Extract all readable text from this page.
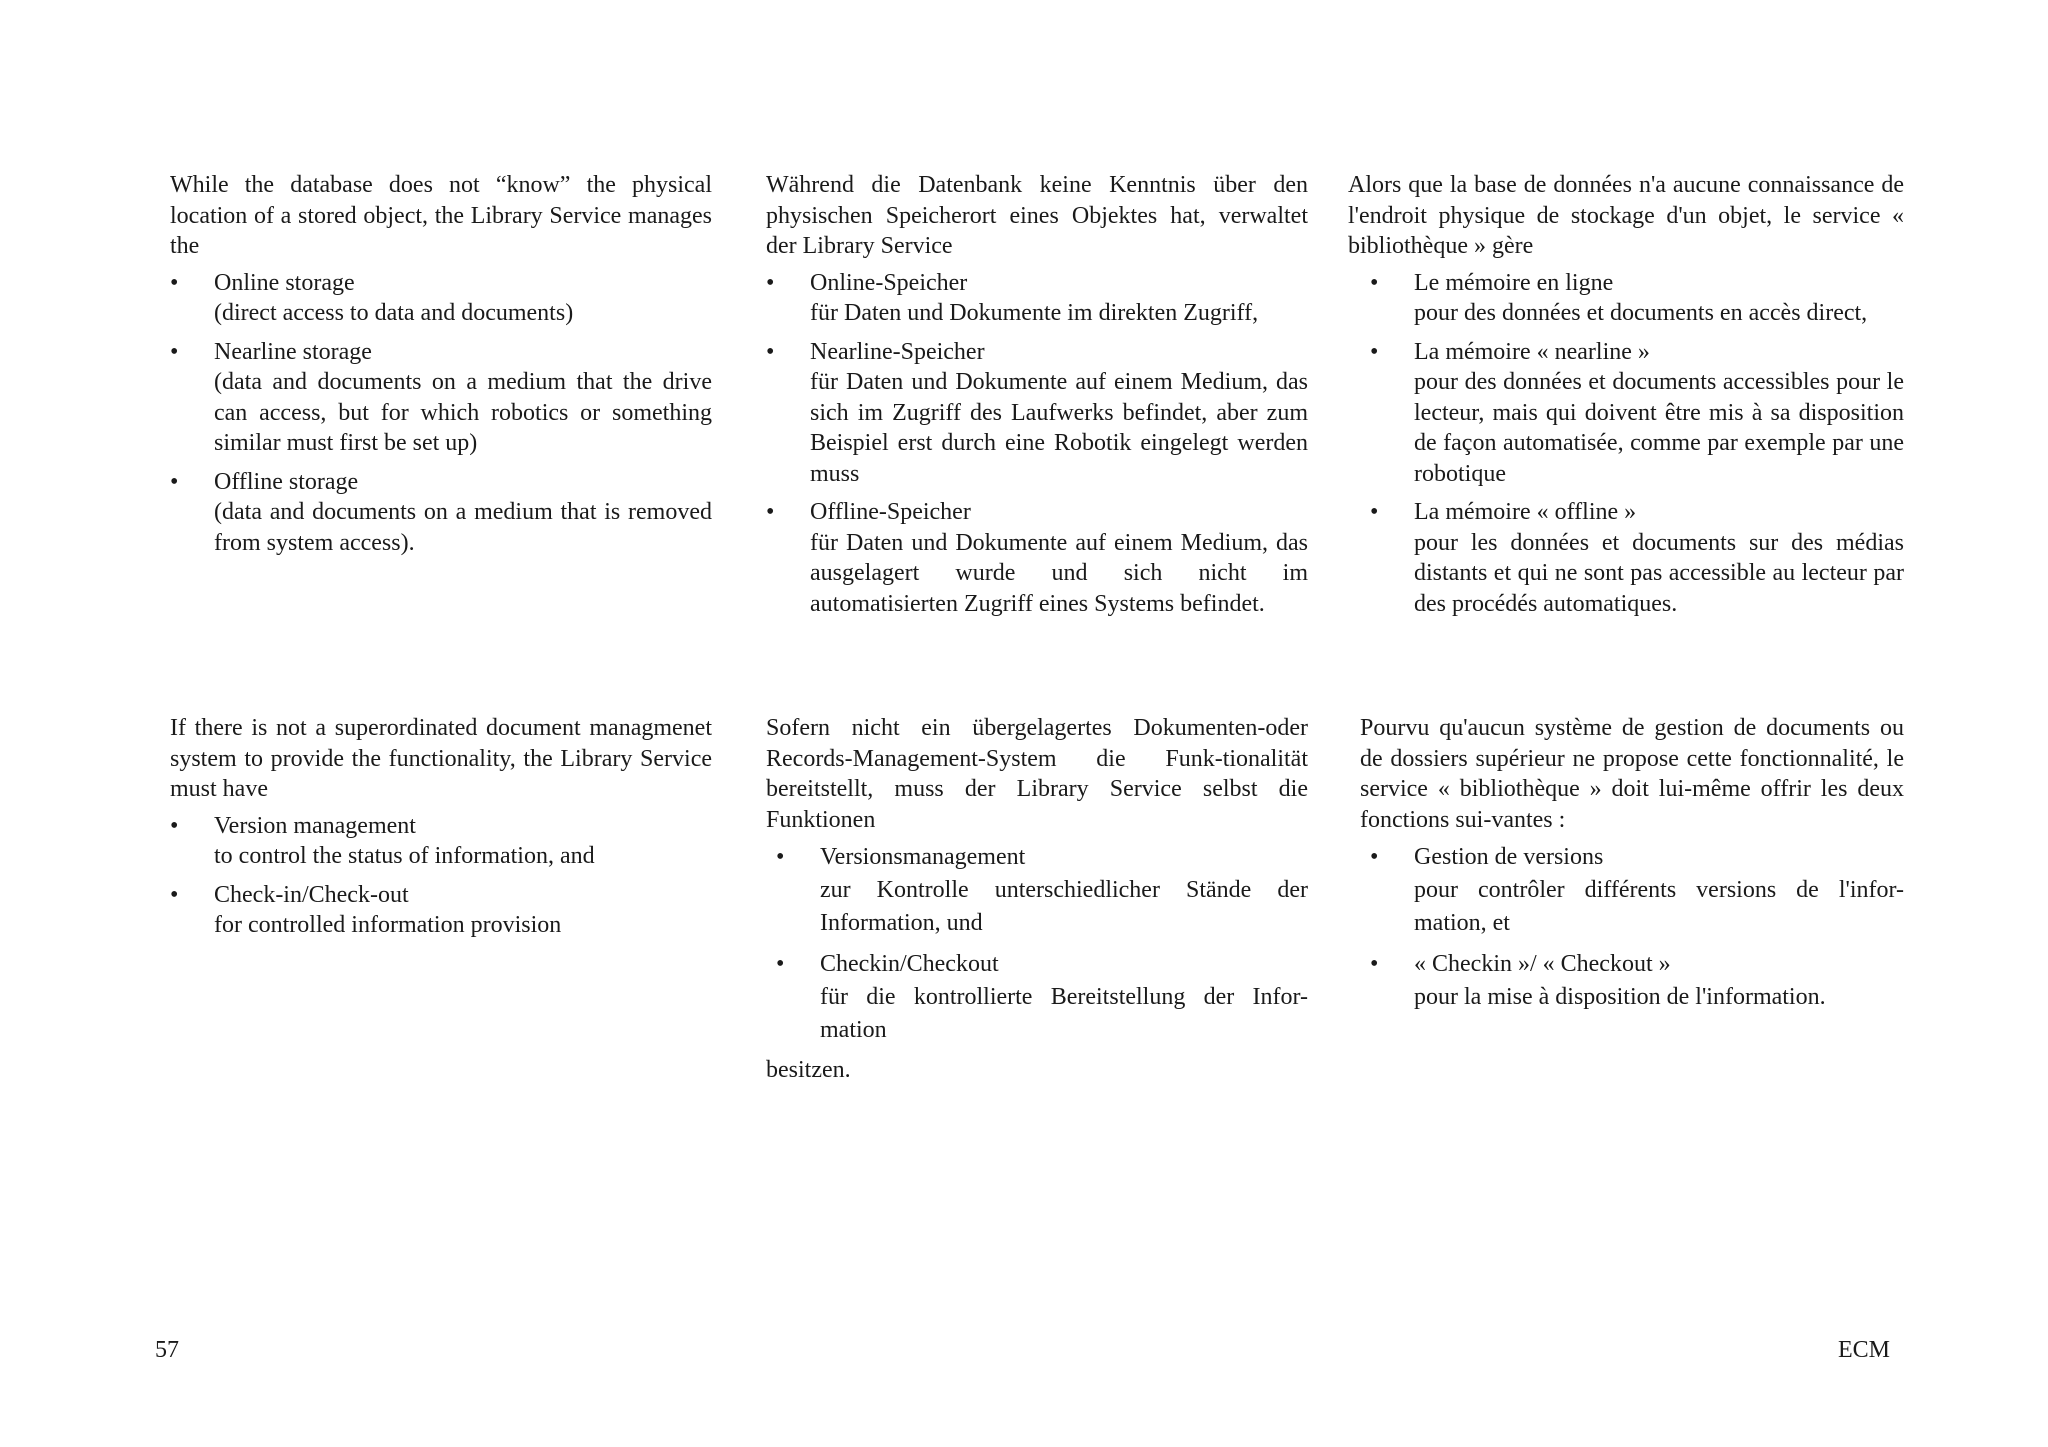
While the database does not “know” the physical location of a stored object, the Library Service manages the

•	Online storage
(direct access to data and documents)
•	Nearline storage
(data and documents on a medium that the drive can access, but for which robotics or something similar must first be set up)
•	Offline storage
(data and documents on a medium that is removed from system access).

Während die Datenbank keine Kenntnis über den physischen Speicherort eines Objektes hat, verwaltet der Library Service

•	Online-Speicher
für Daten und Dokumente im direkten Zugriff,
•	Nearline-Speicher
für Daten und Dokumente auf einem Medium, das sich im Zugriff des Laufwerks befindet, aber zum Beispiel erst durch eine Robotik eingelegt werden muss
•	Offline-Speicher
für Daten und Dokumente auf einem Medium, das ausgelagert wurde und sich nicht im automatisierten Zugriff eines Systems befindet.

Alors que la base de données n'a aucune connaissance de l'endroit physique de stockage d'un objet, le service « bibliothèque » gère

•	Le mémoire en ligne
pour des données et documents en accès direct,
•	La mémoire « nearline »
pour des données et documents accessibles pour le lecteur, mais qui doivent être mis à sa disposition de façon automatisée, comme par exemple par une robotique
•	La mémoire « offline »
pour les données et documents sur des médias distants et qui ne sont pas accessible au lecteur par des procédés automatiques.

If there is not a superordinated document managmenet system to provide the functionality, the Library Service must have

•	Version management
to control the status of information, and
•	Check-in/Check-out
for controlled information provision

Sofern nicht ein übergelagertes Dokumenten-oder Records-Management-System die Funk-tionalität bereitstellt, muss der Library Service selbst die Funktionen

•	Versionsmanagement
zur Kontrolle unterschiedlicher Stände der Information, und
•	Checkin/Checkout
für die kontrollierte Bereitstellung der Infor-mation

besitzen.

Pourvu qu'aucun système de gestion de documents ou de dossiers supérieur ne propose cette fonctionnalité, le service « bibliothèque » doit lui-même offrir les deux fonctions sui-vantes :

•	Gestion de versions
pour contrôler différents versions de l'infor-mation, et
•	« Checkin »/ « Checkout »
pour la mise à disposition de l'information.
57	ECM
